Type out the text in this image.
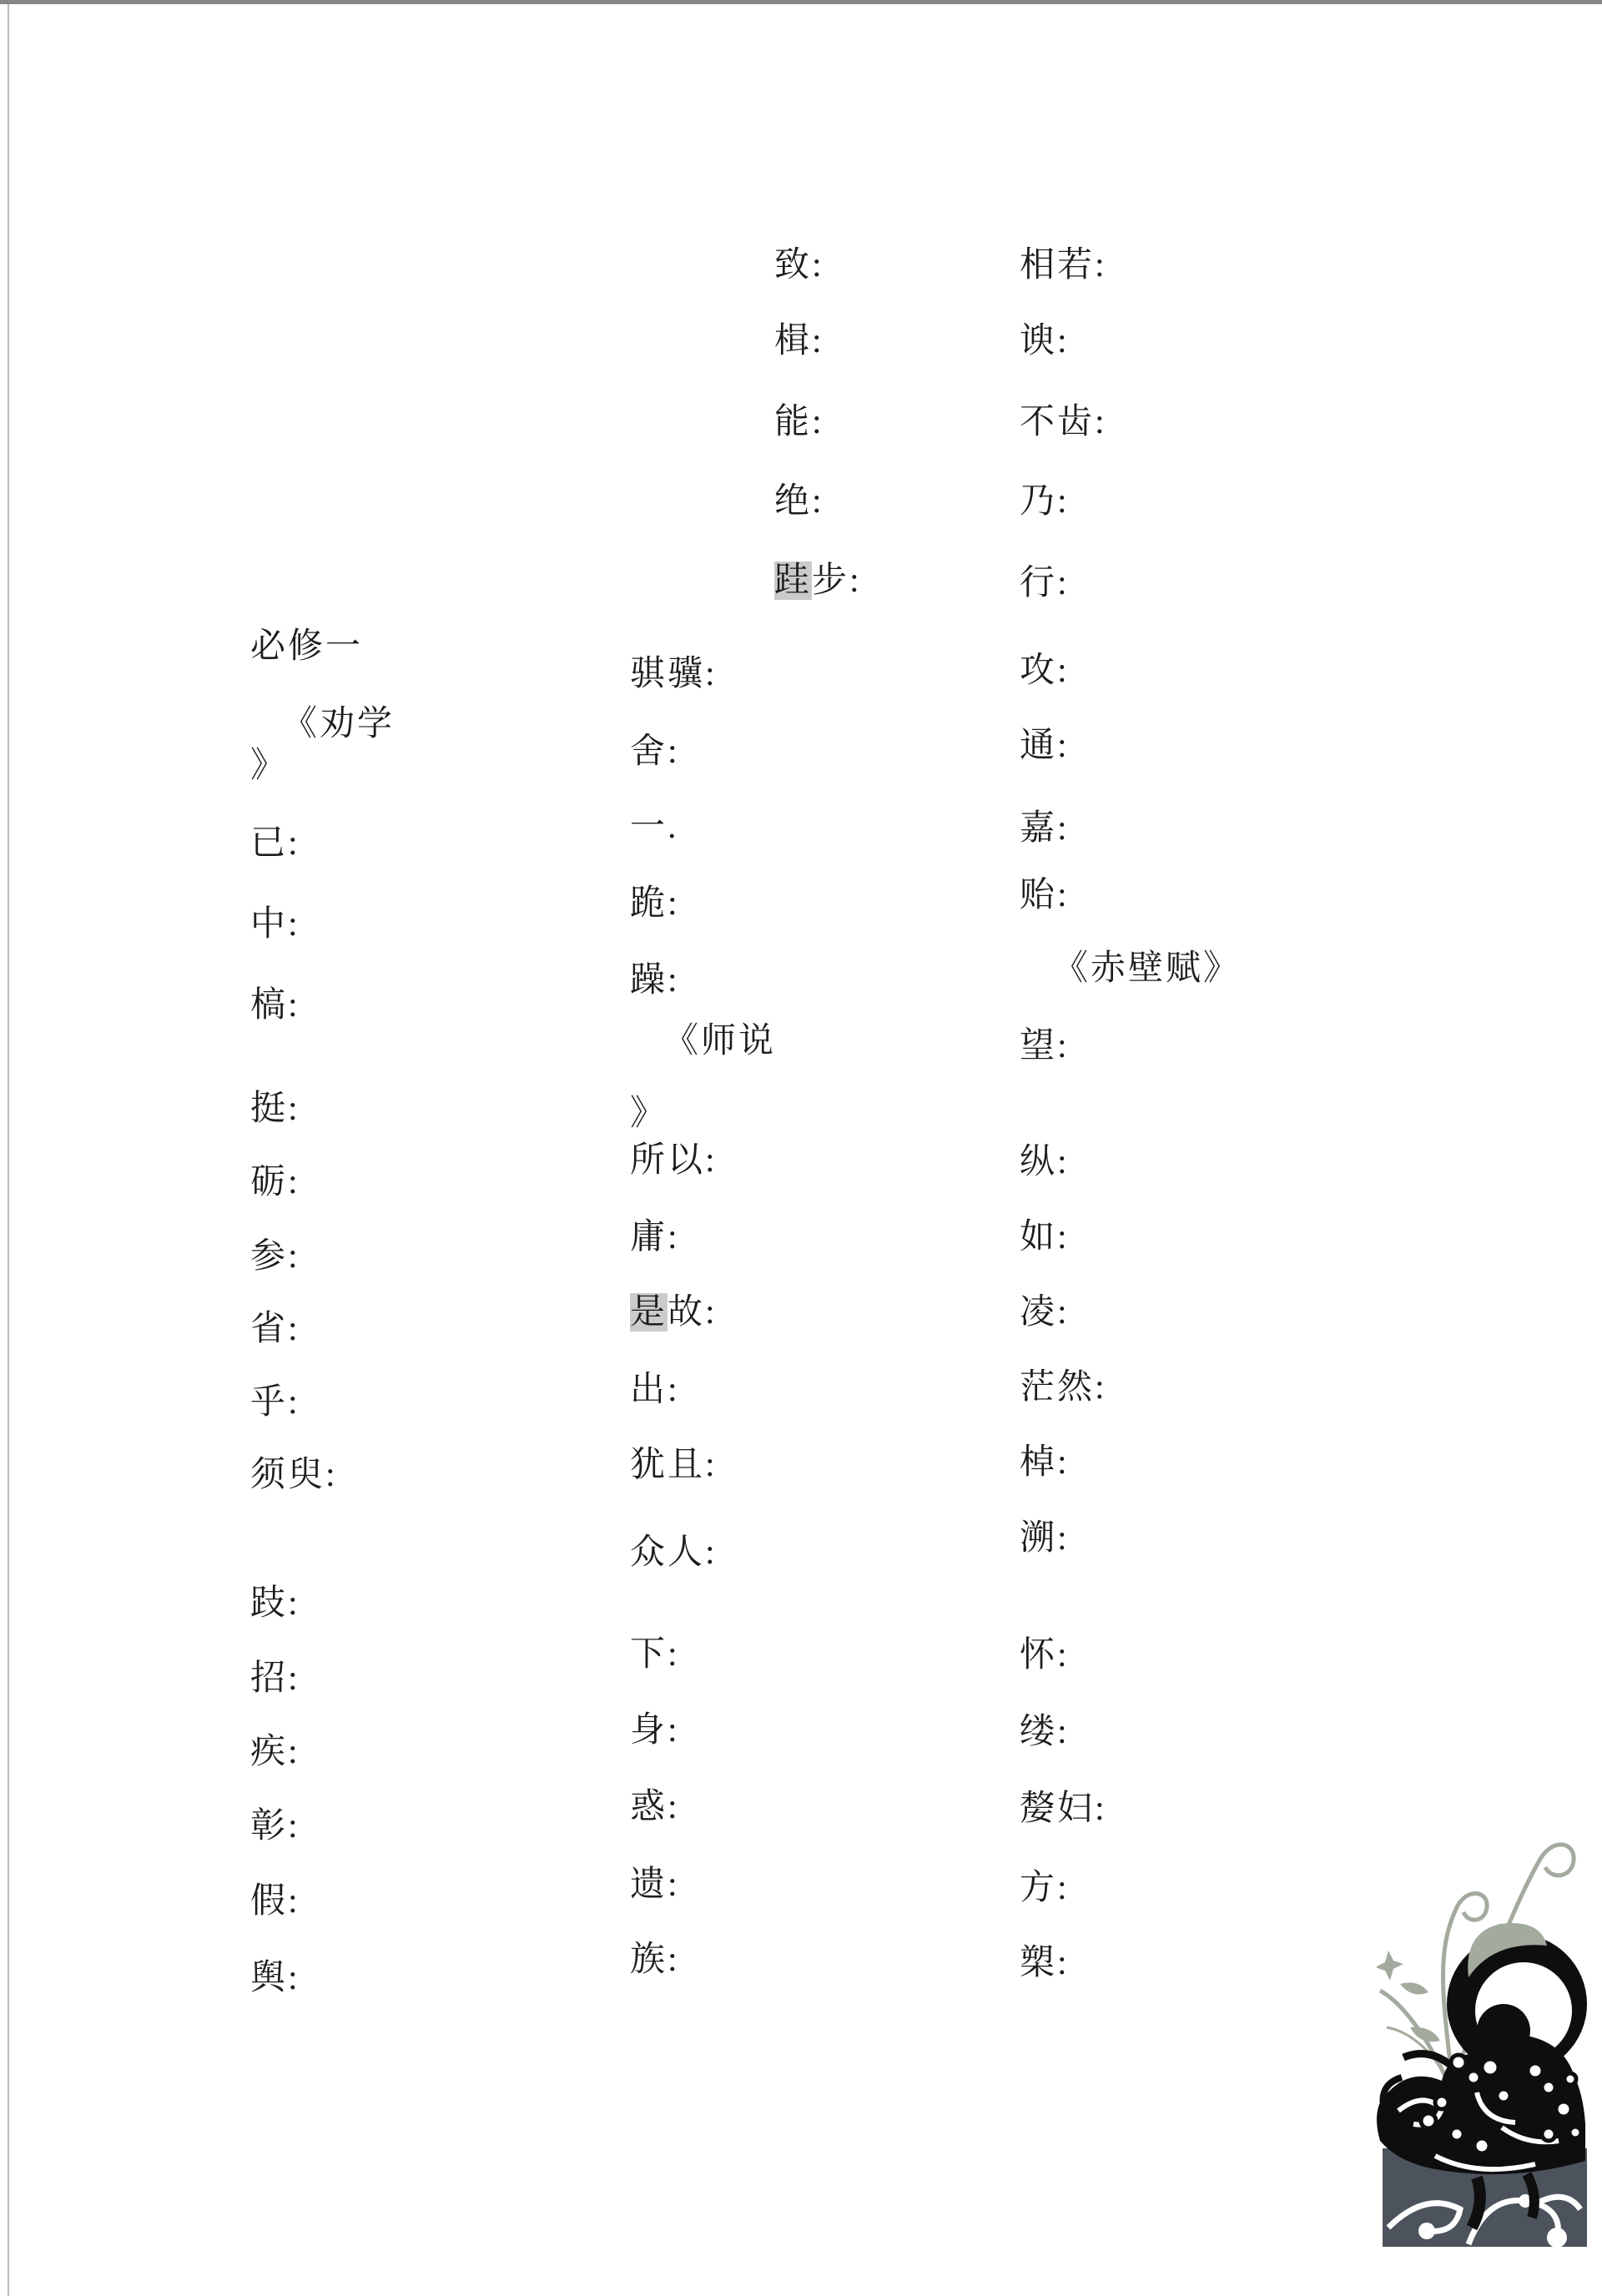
必修一
《劝学
》
已:
中:
槁:
挺:
砺:
参:
省:
乎:
须臾:
跂:
招:
疾:
彰:
假:
舆:
致:
楫:
能:
绝:
跬步:
骐骥:
舍:
一.
跪:
躁:
《师说
》
所以:
庸:
是故:
出:
犹且:
众人:
下:
身:
惑:
遗:
族:
相若:
谀:
不齿:
乃:
行:
攻:
通:
嘉:
贻:
《赤壁赋》
望:
纵:
如:
凌:
茫然:
棹:
溯:
怀:
缕:
嫠妇:
方:
槊:
